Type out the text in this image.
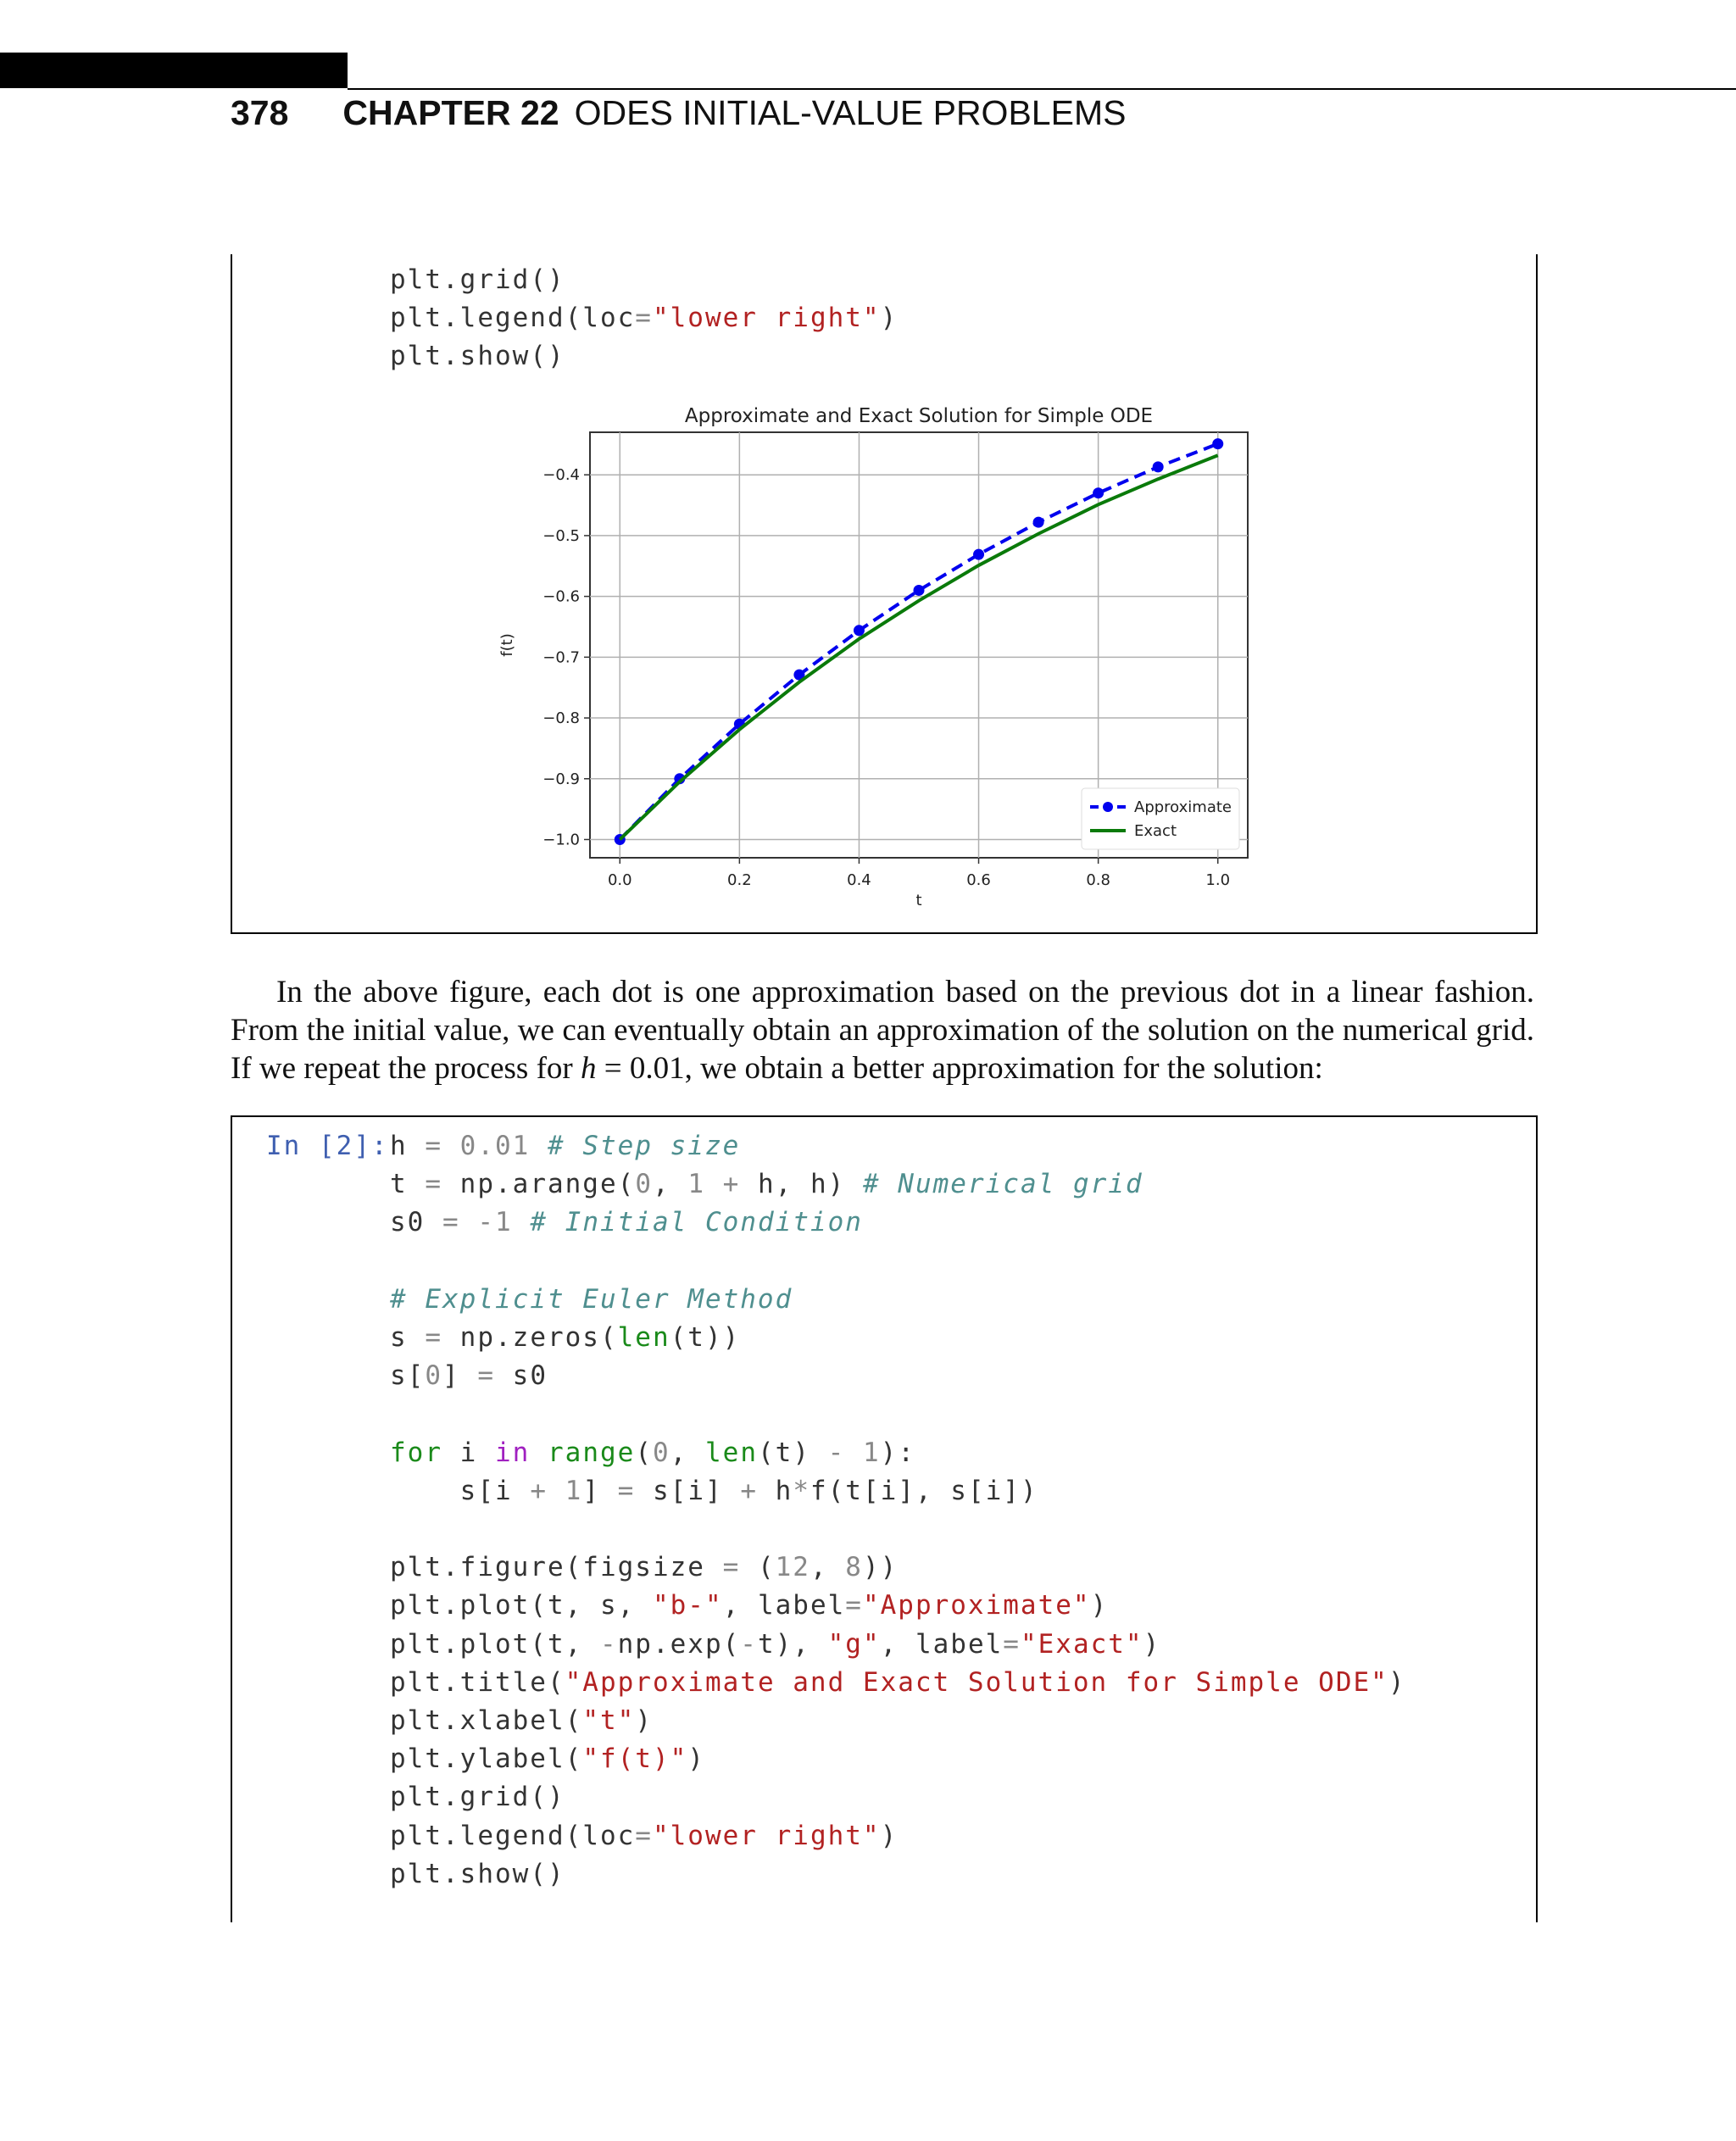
378 CHAPTER 22 ODES INITIAL-VALUE PROBLEMS
plt.grid()
plt.legend(loc="lower right")
plt.show()
Approximate and Exact Solution for Simple ODE
0.0	0.2	0.4	0.6	0.8	1.0
−0.4
−0.5
−0.6
−0.7
−0.8
−0.9
−1.0
t
f(t)
Approximate
Exact

In the above figure, each dot is one approximation based on the previous dot in a linear fashion. From the initial value, we can eventually obtain an approximation of the solution on the numerical grid. If we repeat the process for h = 0.01, we obtain a better approximation for the solution:

In [2]: h = 0.01 # Step size
t = np.arange(0, 1 + h, h) # Numerical grid
s0 = -1 # Initial Condition

# Explicit Euler Method
s = np.zeros(len(t))
s[0] = s0

for i in range(0, len(t) - 1):
s[i + 1] = s[i] + h*f(t[i], s[i])

plt.figure(figsize = (12, 8))
plt.plot(t, s, "b-", label="Approximate")
plt.plot(t, -np.exp(-t), "g", label="Exact")
plt.title("Approximate and Exact Solution for Simple ODE")
plt.xlabel("t")
plt.ylabel("f(t)")
plt.grid()
plt.legend(loc="lower right")
plt.show()
